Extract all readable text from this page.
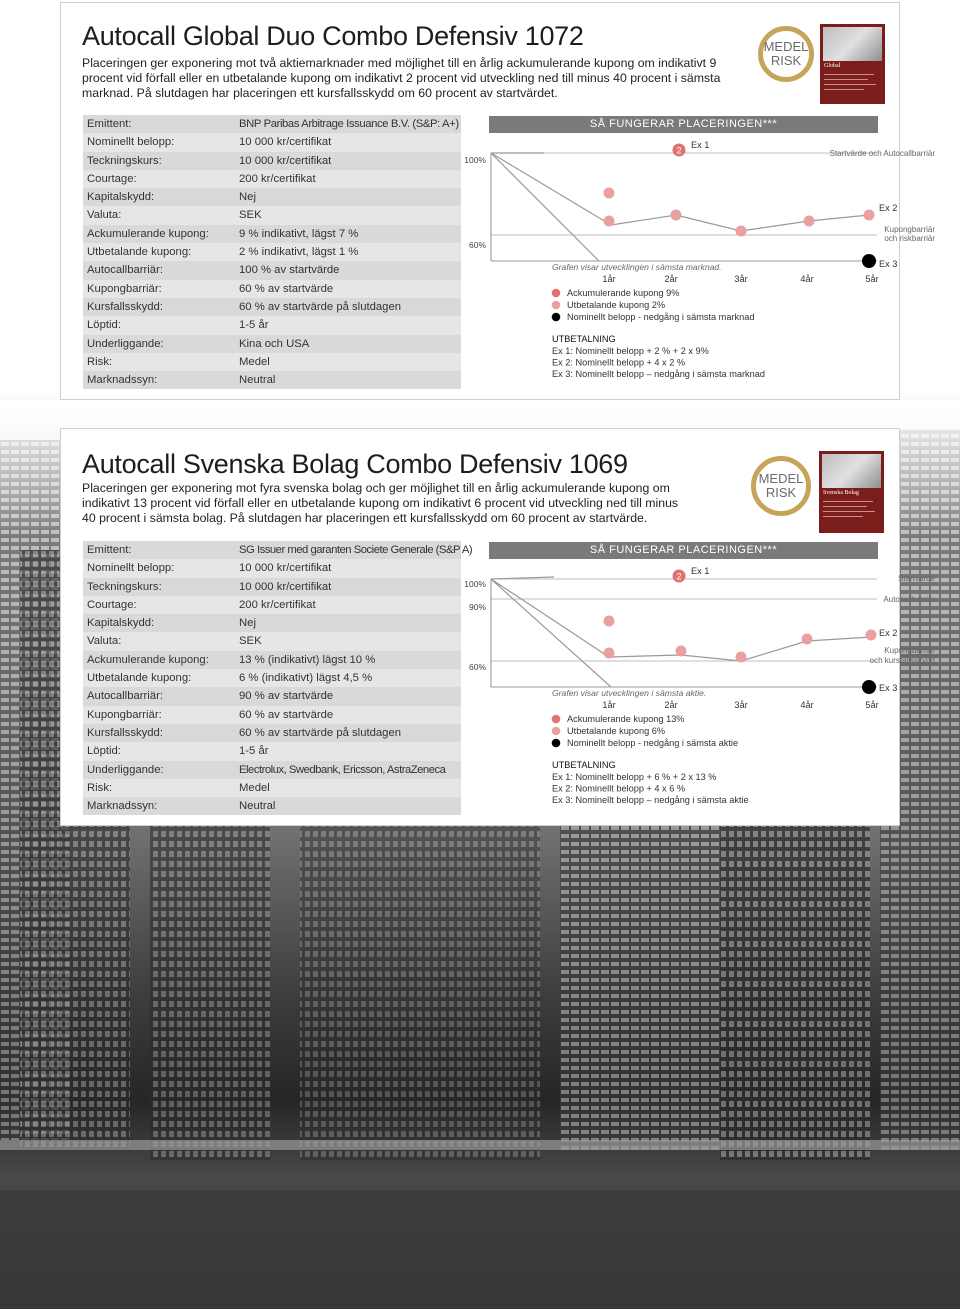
Autocall Global Duo Combo Defensiv 1072
Placeringen ger exponering mot två aktiemarknader med möjlighet till en årlig ackumulerande kupong om indikativt 9 procent vid förfall eller en utbetalande kupong om indikativt 2 procent vid utveckling ned till minus 40 procent i sämsta marknad. På slutdagen har placeringen ett kursfallsskydd om 60 procent av startvärdet.
MEDEL
RISK	Global
Emittent:	BNP Paribas Arbitrage Issuance B.V. (S&P: A+)
Nominellt belopp:	10 000 kr/certifikat
Teckningskurs:	10 000 kr/certifikat
Courtage:	200 kr/certifikat
Kapitalskydd:	Nej
Valuta:	SEK
Ackumulerande kupong:	9 % indikativt, lägst 7 %
Utbetalande kupong:	2 % indikativt, lägst 1 %
Autocallbarriär:	100 % av startvärde
Kupongbarriär:	60 % av startvärde
Kursfallsskydd:	60 % av startvärde på slutdagen
Löptid:	1-5 år
Underliggande:	Kina och USA
Risk:	Medel
Marknadssyn:	Neutral
SÅ FUNGERAR PLACERINGEN***
100%
60%
1år	2år	3år	4år	5år
Grafen visar utvecklingen i sämsta marknad.
2
Ex 1
Startvärde och Autocallbarriär
Ex 2
Kupongbarriär
och riskbarriär
Ex 3
Ackumulerande kupong 9%
Utbetalande kupong 2%
Nominellt belopp - nedgång i sämsta marknad
UTBETALNING
Ex 1: Nominellt belopp + 2 % + 2 x 9%
Ex 2: Nominellt belopp + 4 x 2 %
Ex 3: Nominellt belopp – nedgång i sämsta marknad
Autocall Svenska Bolag Combo Defensiv 1069
Placeringen ger exponering mot fyra svenska bolag och ger möjlighet till en årlig ackumulerande kupong om indikativt 13 procent vid förfall eller en utbetalande kupong om indikativt 6 procent vid utveckling ned till minus 40 procent i sämsta bolag. På slutdagen har placeringen ett kursfallsskydd om 60 procent av startvärde.
MEDEL
RISK	Svenska Bolag
Emittent:	SG Issuer med garanten Societe Generale (S&P A)
Nominellt belopp:	10 000 kr/certifikat
Teckningskurs:	10 000 kr/certifikat
Courtage:	200 kr/certifikat
Kapitalskydd:	Nej
Valuta:	SEK
Ackumulerande kupong:	13 % (indikativt) lägst 10 %
Utbetalande kupong:	6 % (indikativt) lägst 4,5 %
Autocallbarriär:	90 % av startvärde
Kupongbarriär:	60 % av startvärde
Kursfallsskydd:	60 % av startvärde på slutdagen
Löptid:	1-5 år
Underliggande:	Electrolux, Swedbank, Ericsson, AstraZeneca
Risk:	Medel
Marknadssyn:	Neutral
SÅ FUNGERAR PLACERINGEN***
100%
90%
60%
1år	2år	3år	4år	5år
Grafen visar utvecklingen i sämsta aktie.
2
Ex 1
Startvärde
Autocallbarriär
Ex 2
Kupongbarriär
och kursfallsskydd
Ex 3
Ackumulerande kupong 13%
Utbetalande kupong 6%
Nominellt belopp - nedgång i sämsta aktie
UTBETALNING
Ex 1: Nominellt belopp + 6 % + 2 x 13 %
Ex 2: Nominellt belopp + 4 x 6 %
Ex 3: Nominellt belopp – nedgång i sämsta aktie
